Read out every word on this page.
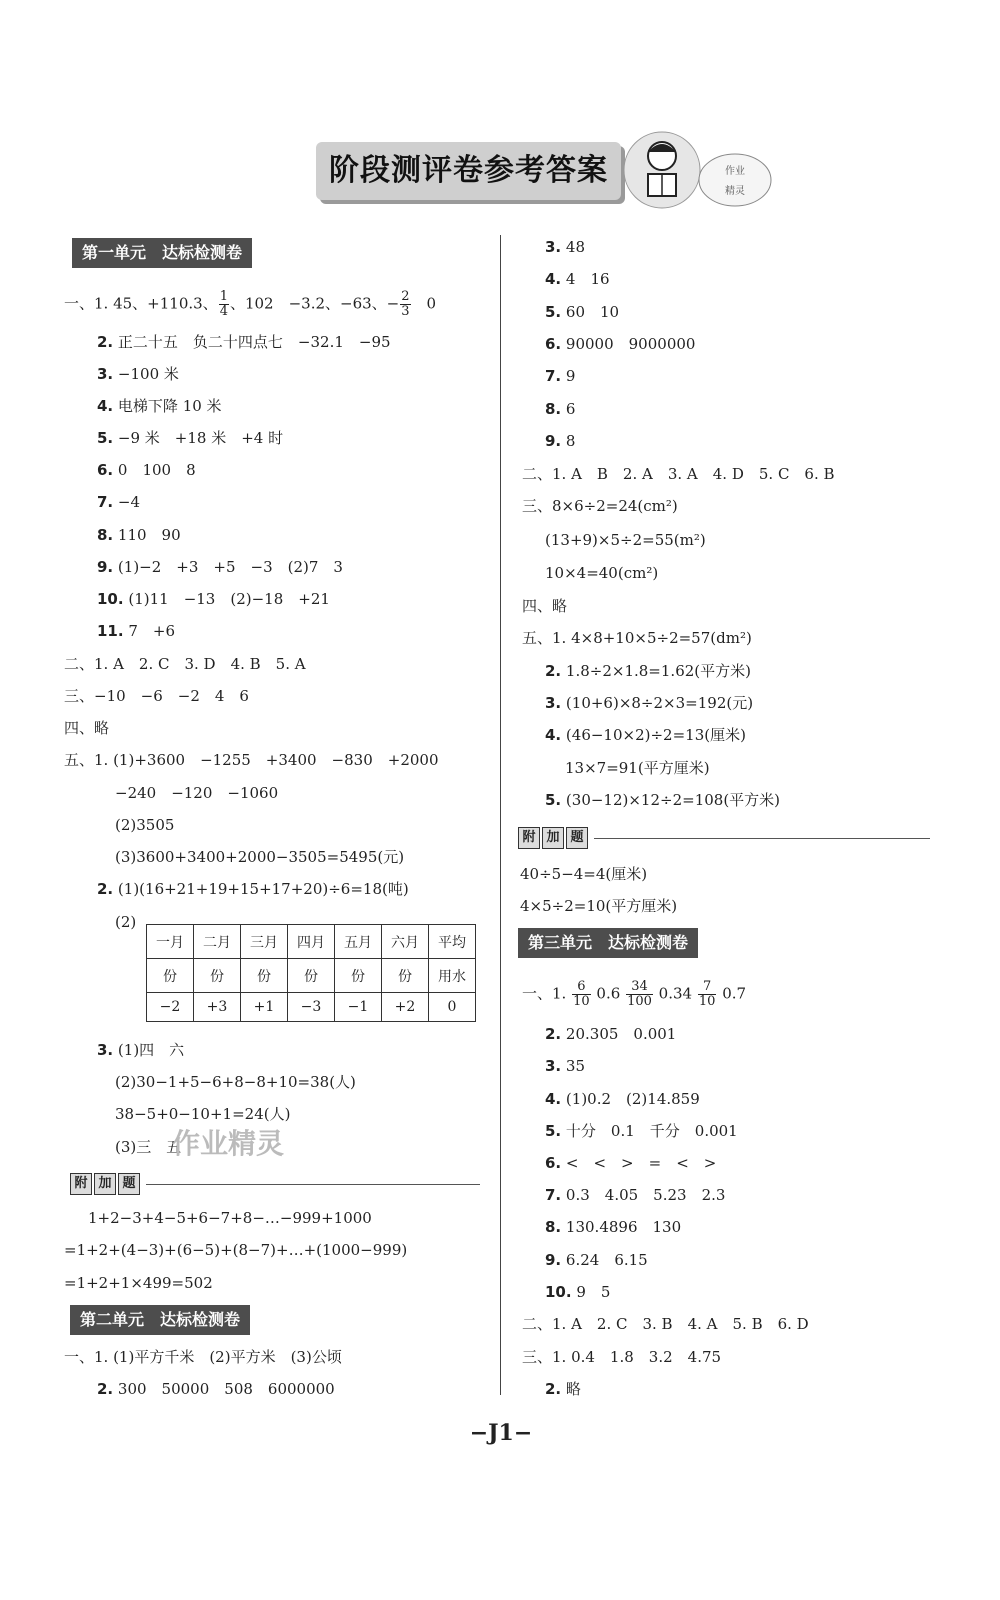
阶段测评卷参考答案	作业
精灵
第一单元　达标检测卷
一、1. 45、+110.3、 $\frac{1}{4}$ 、102　−3.2、−63、− $\frac{2}{3}$ 　0
2. 正二十五　负二十四点七　−32.1　−95
3. −100 米
4. 电梯下降 10 米
5. −9 米　+18 米　+4 时
6. 0　100　8
7. −4
8. 110　90
9. (1)−2　+3　+5　−3　(2)7　3
10. (1)11　−13　(2)−18　+21
11. 7　+6
二、1. A　2. C　3. D　4. B　5. A
三、−10　−6　−2　4　6
四、略
五、1. (1)+3600　−1255　+3400　−830　+2000
−240　−120　−1060
(2)3505
(3)3600+3400+2000−3505=5495(元)
2. (1)(16+21+19+15+17+20)÷6=18(吨)
(2)
一月	二月	三月	四月	五月	六月	平均
份	份	份	份	份	份	用水
−2	+3	+1	−3	−1	+2	0
3. (1)四　六
(2)30−1+5−6+8−8+10=38(人)
38−5+0−10+1=24(人)
(3)三　五
作业精灵
附 加 题
1+2−3+4−5+6−7+8−…−999+1000
=1+2+(4−3)+(6−5)+(8−7)+…+(1000−999)
=1+2+1×499=502
第二单元　达标检测卷
一、1. (1)平方千米　(2)平方米　(3)公顷
2. 300　50000　508　6000000
3. 48
4. 4　16
5. 60　10
6. 90000　9000000
7. 9
8. 6
9. 8
二、1. A　B　2. A　3. A　4. D　5. C　6. B
三、8×6÷2=24(cm²)
(13+9)×5÷2=55(m²)
10×4=40(cm²)
四、略
五、1. 4×8+10×5÷2=57(dm²)
2. 1.8÷2×1.8=1.62(平方米)
3. (10+6)×8÷2×3=192(元)
4. (46−10×2)÷2=13(厘米)
13×7=91(平方厘米)
5. (30−12)×12÷2=108(平方米)
附 加 题
40÷5−4=4(厘米)
4×5÷2=10(平方厘米)
第三单元　达标检测卷
一、1. $\frac{6}{10} 0.6 \frac{34}{100} 0.34 \frac{7}{10} 0.7$
2. 20.305　0.001
3. 35
4. (1)0.2　(2)14.859
5. 十分　0.1　千分　0.001
6. <　<　>　=　<　>
7. 0.3　4.05　5.23　2.3
8. 130.4896　130
9. 6.24　6.15
10. 9　5
二、1. A　2. C　3. B　4. A　5. B　6. D
三、1. 0.4　1.8　3.2　4.75
2. 略
−J1−
